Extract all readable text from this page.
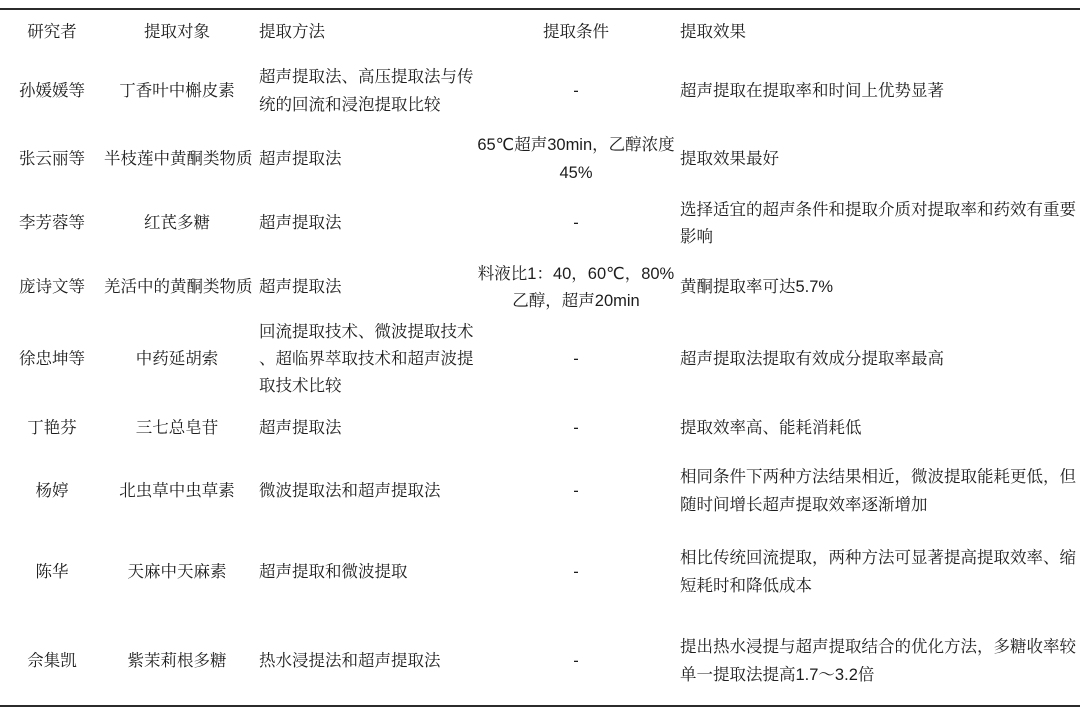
研究者	提取对象	提取方法	提取条件	提取效果
孙媛媛等	丁香叶中槲皮素	超声提取法、高压提取法与传统的回流和浸泡提取比较	-	超声提取在提取率和时间上优势显著
张云丽等	半枝莲中黄酮类物质	超声提取法	65℃超声30min，乙醇浓度45%	提取效果最好
李芳蓉等	红芪多糖	超声提取法	-	选择适宜的超声条件和提取介质对提取率和药效有重要影响
庞诗文等	羌活中的黄酮类物质	超声提取法	料液比1：40，60℃，80%乙醇，超声20min	黄酮提取率可达5.7%
徐忠坤等	中药延胡索	回流提取技术、微波提取技术、超临界萃取技术和超声波提取技术比较	-	超声提取法提取有效成分提取率最高
丁艳芬	三七总皂苷	超声提取法	-	提取效率高、能耗消耗低
杨婷	北虫草中虫草素	微波提取法和超声提取法	-	相同条件下两种方法结果相近，微波提取能耗更低，但随时间增长超声提取效率逐渐增加
陈华	天麻中天麻素	超声提取和微波提取	-	相比传统回流提取，两种方法可显著提高提取效率、缩短耗时和降低成本
佘集凯	紫茉莉根多糖	热水浸提法和超声提取法	-	提出热水浸提与超声提取结合的优化方法，多糖收率较单一提取法提高1.7～3.2倍
